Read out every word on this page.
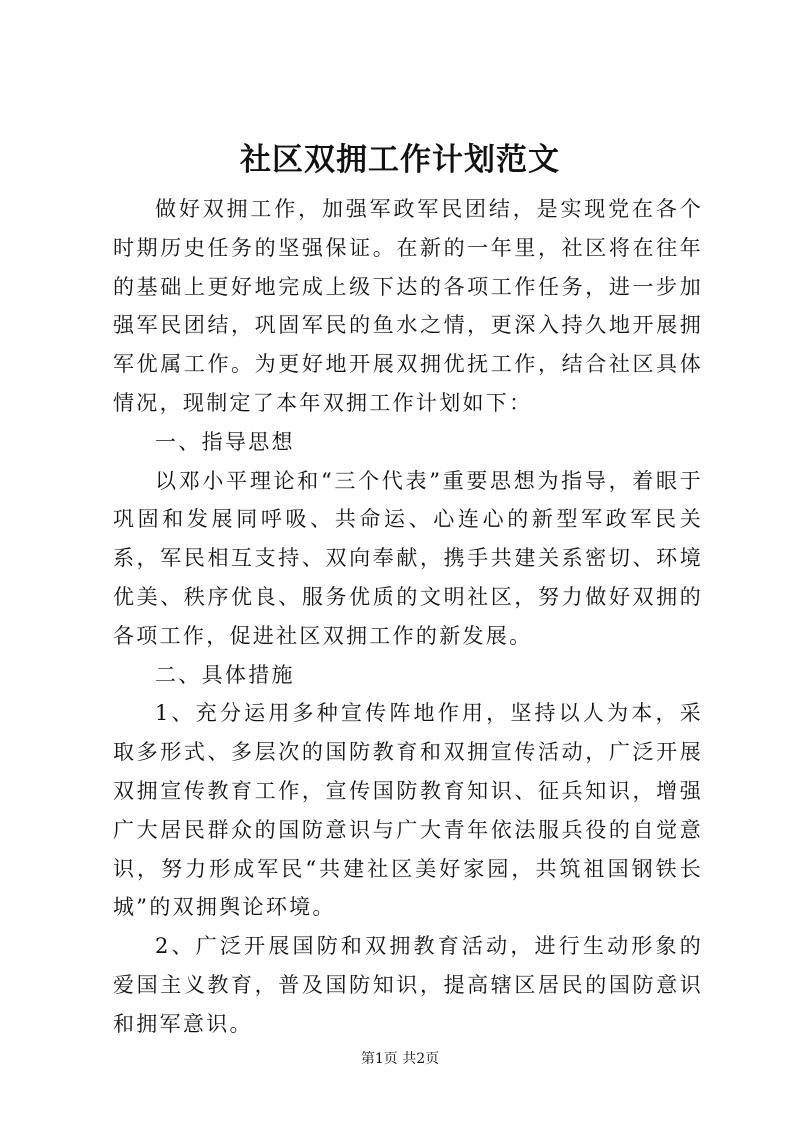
社区双拥工作计划范文

做好双拥工作，加强军政军民团结，是实现党在各个时期历史任务的坚强保证。在新的一年里，社区将在往年的基础上更好地完成上级下达的各项工作任务，进一步加强军民团结，巩固军民的鱼水之情，更深入持久地开展拥军优属工作。为更好地开展双拥优抚工作，结合社区具体情况，现制定了本年双拥工作计划如下：

一、指导思想

以邓小平理论和“三个代表”重要思想为指导，着眼于巩固和发展同呼吸、共命运、心连心的新型军政军民关系，军民相互支持、双向奉献，携手共建关系密切、环境优美、秩序优良、服务优质的文明社区，努力做好双拥的各项工作，促进社区双拥工作的新发展。

二、具体措施

1、充分运用多种宣传阵地作用，坚持以人为本，采取多形式、多层次的国防教育和双拥宣传活动，广泛开展双拥宣传教育工作，宣传国防教育知识、征兵知识，增强广大居民群众的国防意识与广大青年依法服兵役的自觉意识，努力形成军民“共建社区美好家园，共筑祖国钢铁长城”的双拥舆论环境。

2、广泛开展国防和双拥教育活动，进行生动形象的爱国主义教育，普及国防知识，提高辖区居民的国防意识和拥军意识。

第1页 共2页
